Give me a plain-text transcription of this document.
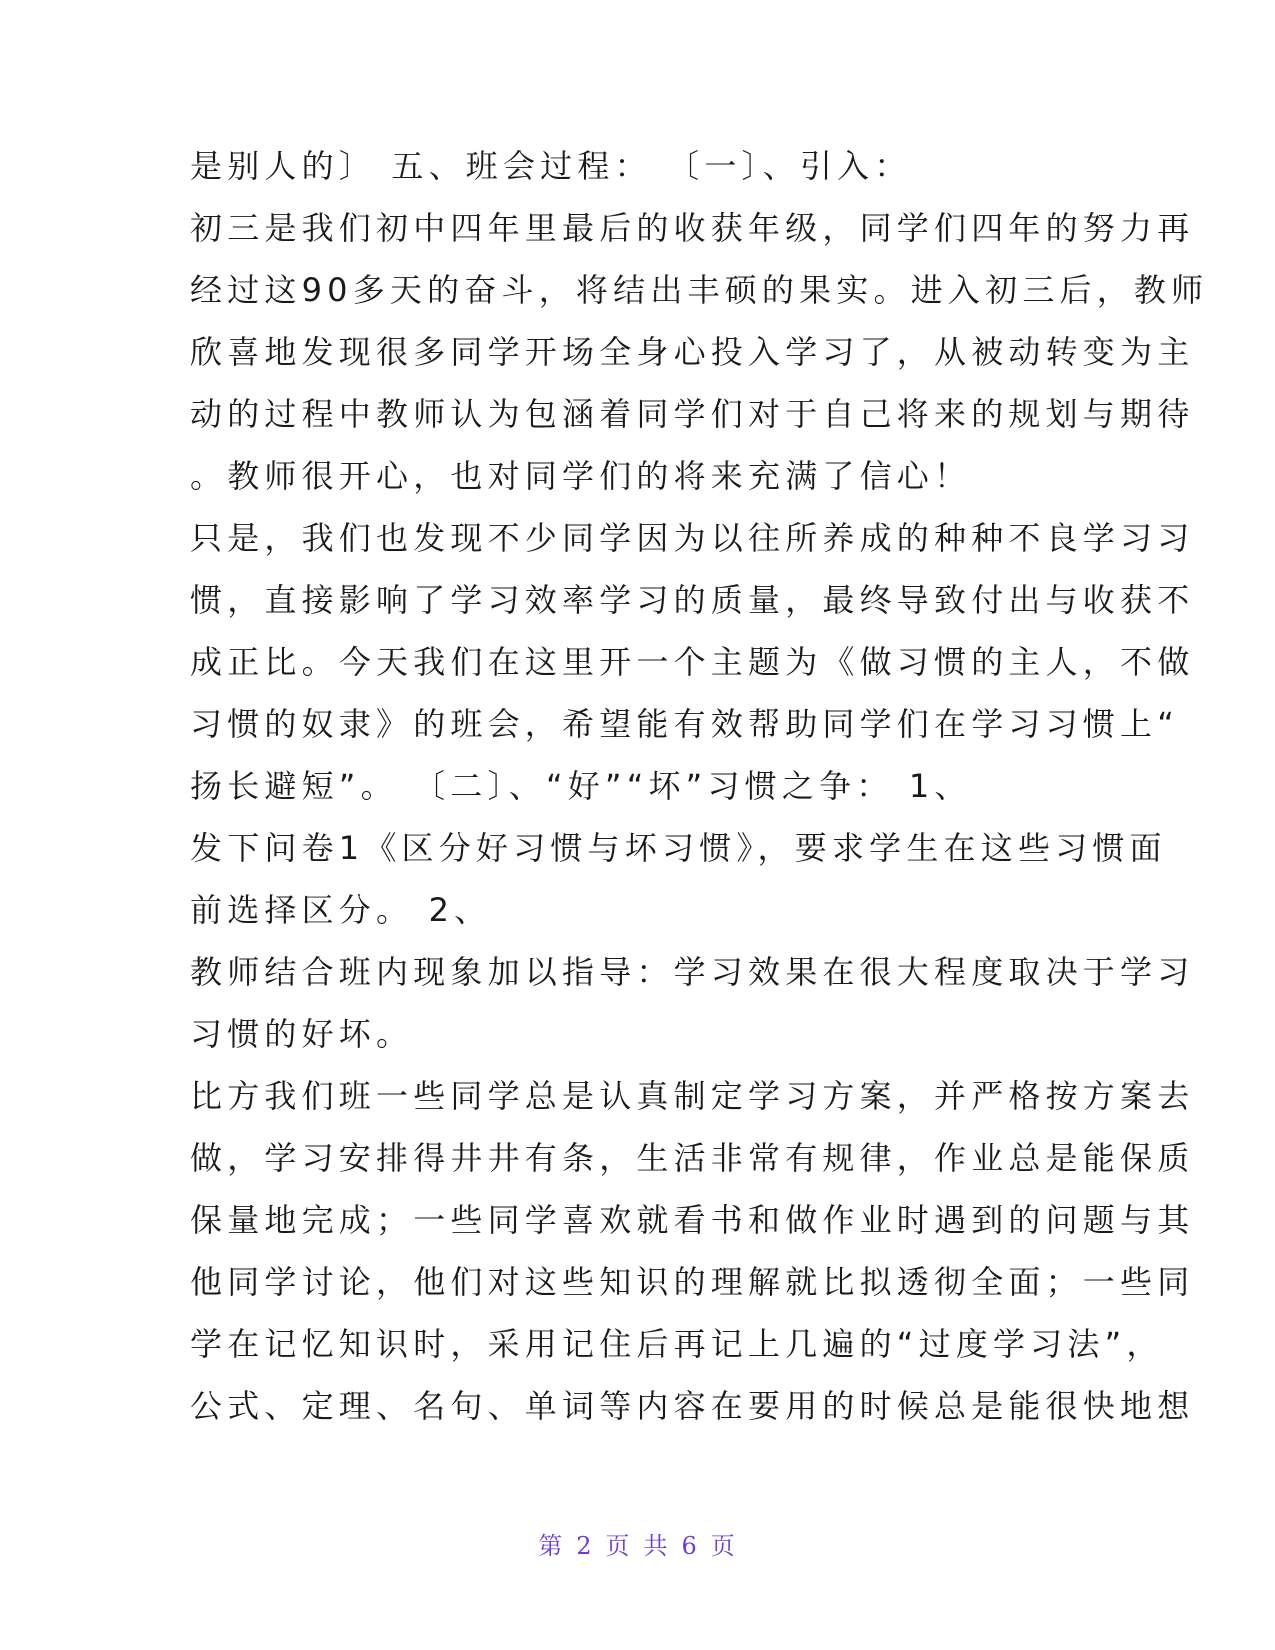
是别人的〕 五、班会过程： 〔一〕、引入：
初三是我们初中四年里最后的收获年级，同学们四年的努力再
经过这90多天的奋斗，将结出丰硕的果实。进入初三后，教师
欣喜地发现很多同学开场全身心投入学习了，从被动转变为主
动的过程中教师认为包涵着同学们对于自己将来的规划与期待
。教师很开心，也对同学们的将来充满了信心！
只是，我们也发现不少同学因为以往所养成的种种不良学习习
惯，直接影响了学习效率学习的质量，最终导致付出与收获不
成正比。今天我们在这里开一个主题为《做习惯的主人，不做
习惯的奴隶》的班会，希望能有效帮助同学们在学习习惯上“
扬长避短”。 〔二〕、“好”“坏”习惯之争： 1、
发下问卷1《区分好习惯与坏习惯》，要求学生在这些习惯面
前选择区分。 2、
教师结合班内现象加以指导：学习效果在很大程度取决于学习
习惯的好坏。
比方我们班一些同学总是认真制定学习方案，并严格按方案去
做，学习安排得井井有条，生活非常有规律，作业总是能保质
保量地完成；一些同学喜欢就看书和做作业时遇到的问题与其
他同学讨论，他们对这些知识的理解就比拟透彻全面；一些同
学在记忆知识时，采用记住后再记上几遍的“过度学习法”，
公式、定理、名句、单词等内容在要用的时候总是能很快地想
第 2 页 共 6 页
